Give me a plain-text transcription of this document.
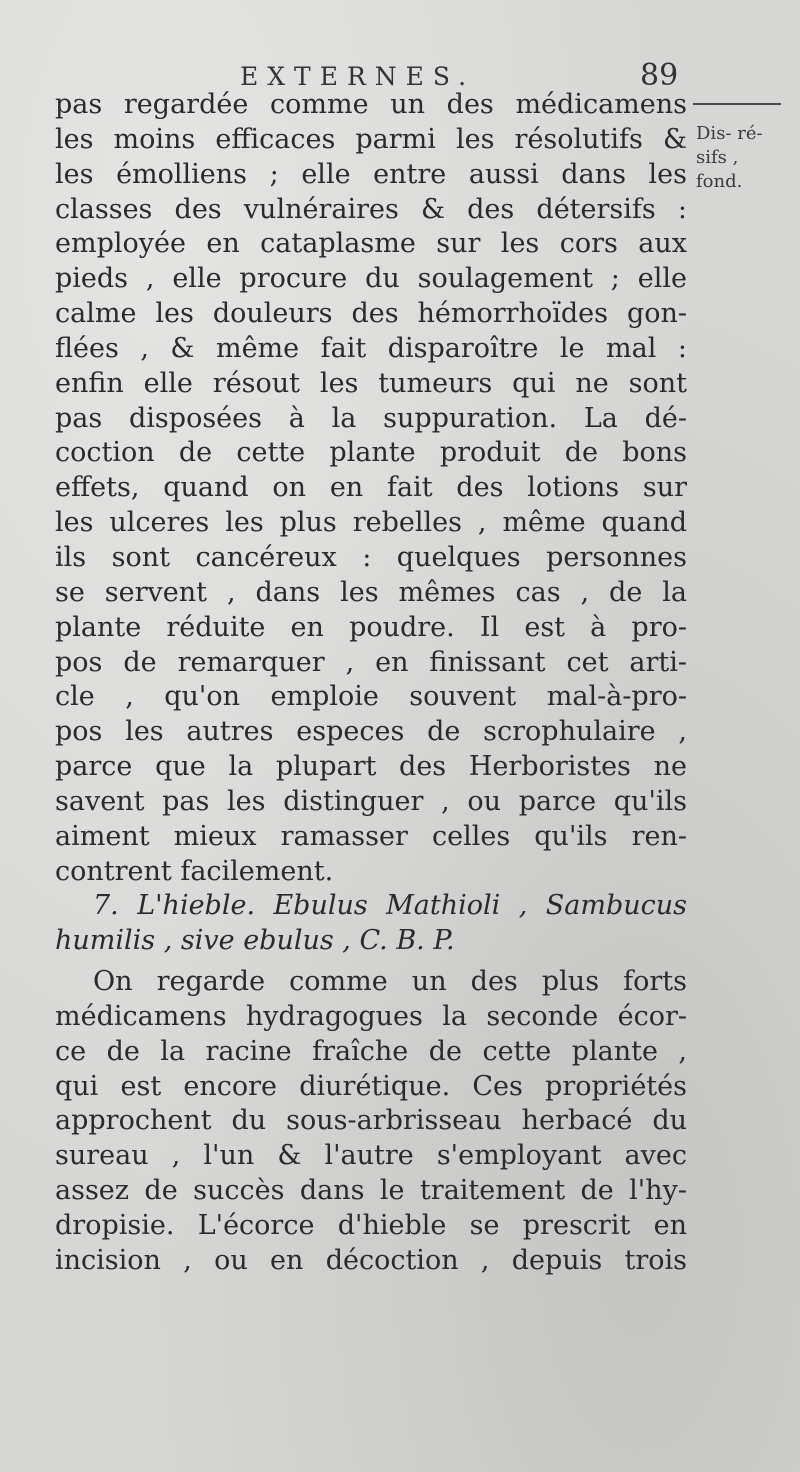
EXTERNES.	89
Dis- ré-
sifs ,
fond.
pas regardée comme un des médicamens
les moins efficaces parmi les résolutifs &
les émolliens ; elle entre aussi dans les
classes des vulnéraires & des détersifs :
employée en cataplasme sur les cors aux
pieds , elle procure du soulagement ; elle
calme les douleurs des hémorrhoïdes gon-
flées , & même fait disparoître le mal :
enfin elle résout les tumeurs qui ne sont
pas disposées à la suppuration. La dé-
coction de cette plante produit de bons
effets, quand on en fait des lotions sur
les ulceres les plus rebelles , même quand
ils sont cancéreux : quelques personnes
se servent , dans les mêmes cas , de la
plante réduite en poudre. Il est à pro-
pos de remarquer , en finissant cet arti-
cle , qu'on emploie souvent mal-à-pro-
pos les autres especes de scrophulaire ,
parce que la plupart des Herboristes ne
savent pas les distinguer , ou parce qu'ils
aiment mieux ramasser celles qu'ils ren-
contrent facilement.
7. L'hieble. Ebulus Mathioli , Sambucus
humilis , sive ebulus , C. B. P.
On regarde comme un des plus forts
médicamens hydragogues la seconde écor-
ce de la racine fraîche de cette plante ,
qui est encore diurétique. Ces propriétés
approchent du sous-arbrisseau herbacé du
sureau , l'un & l'autre s'employant avec
assez de succès dans le traitement de l'hy-
dropisie. L'écorce d'hieble se prescrit en
incision , ou en décoction , depuis trois
